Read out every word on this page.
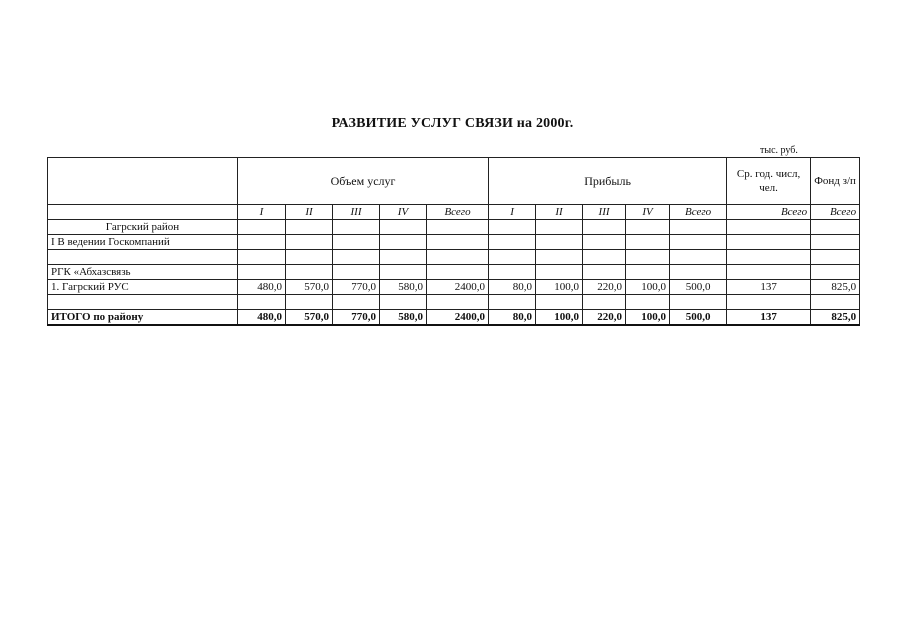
РАЗВИТИЕ УСЛУГ СВЯЗИ на 2000г.
тыс. руб.
	Объем услуг					Прибыль					Ср. год. числ, чел.	Фонд з/п
	I	II	III	IV	Всего	I	II	III	IV	Всего	Всего	Всего
Гагрский район												
I В ведении Госкомпаний												

РГК «Абхазсвязь												
1. Гагрский РУС	480,0	570,0	770,0	580,0	2400,0	80,0	100,0	220,0	100,0	500,0	137	825,0

ИТОГО по району	480,0	570,0	770,0	580,0	2400,0	80,0	100,0	220,0	100,0	500,0	137	825,0
